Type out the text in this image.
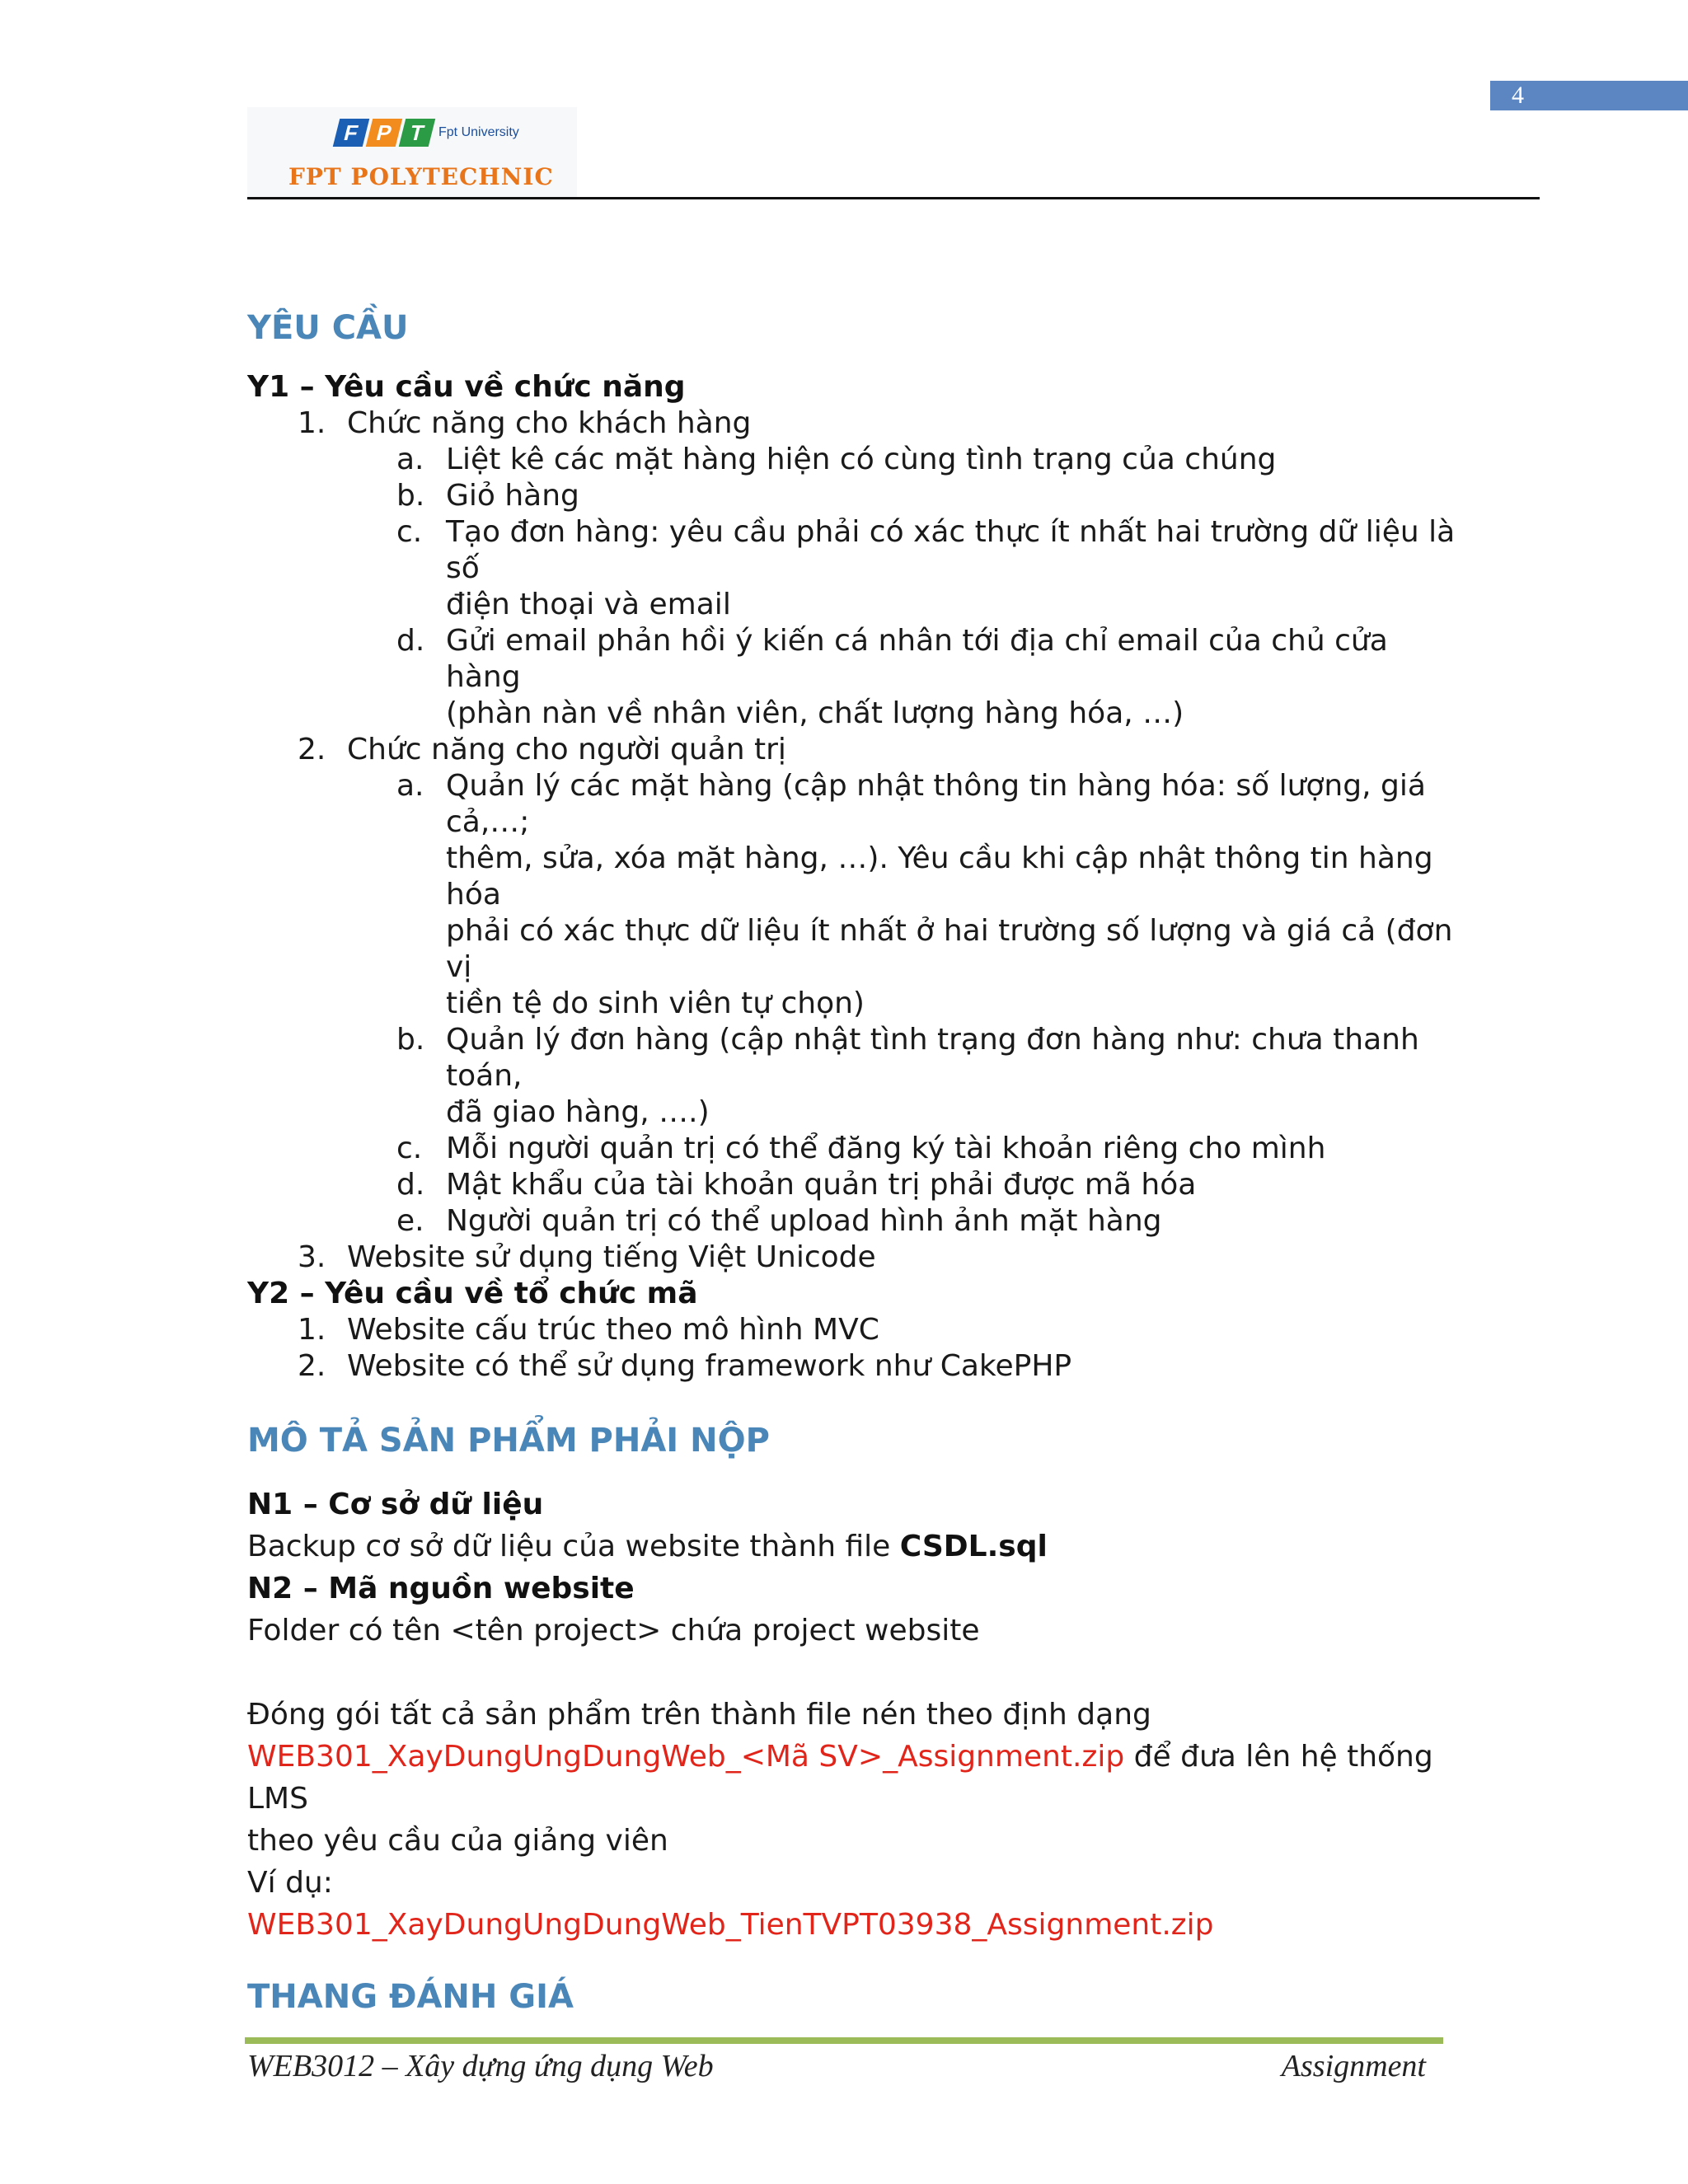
4
F P T Fpt University
FPT POLYTECHNIC
YÊU CẦU
Y1 – Yêu cầu về chức năng
1. Chức năng cho khách hàng
a. Liệt kê các mặt hàng hiện có cùng tình trạng của chúng
b. Giỏ hàng
c. Tạo đơn hàng: yêu cầu phải có xác thực ít nhất hai trường dữ liệu là số
điện thoại và email
d. Gửi email phản hồi ý kiến cá nhân tới địa chỉ email của chủ cửa hàng
(phàn nàn về nhân viên, chất lượng hàng hóa, …)
2. Chức năng cho người quản trị
a. Quản lý các mặt hàng (cập nhật thông tin hàng hóa: số lượng, giá cả,…;
thêm, sửa, xóa mặt hàng, …). Yêu cầu khi cập nhật thông tin hàng hóa
phải có xác thực dữ liệu ít nhất ở hai trường số lượng và giá cả (đơn vị
tiền tệ do sinh viên tự chọn)
b. Quản lý đơn hàng (cập nhật tình trạng đơn hàng như: chưa thanh toán,
đã giao hàng, ….)
c. Mỗi người quản trị có thể đăng ký tài khoản riêng cho mình
d. Mật khẩu của tài khoản quản trị phải được mã hóa
e. Người quản trị có thể upload hình ảnh mặt hàng
3. Website sử dụng tiếng Việt Unicode
Y2 – Yêu cầu về tổ chức mã
1. Website cấu trúc theo mô hình MVC
2. Website có thể sử dụng framework như CakePHP
MÔ TẢ SẢN PHẨM PHẢI NỘP
N1 – Cơ sở dữ liệu
Backup cơ sở dữ liệu của website thành file CSDL.sql
N2 – Mã nguồn website
Folder có tên <tên project> chứa project website
Đóng gói tất cả sản phẩm trên thành file nén theo định dạng
WEB301_XayDungUngDungWeb_<Mã SV>_Assignment.zip để đưa lên hệ thống LMS
theo yêu cầu của giảng viên
Ví dụ:
WEB301_XayDungUngDungWeb_TienTVPT03938_Assignment.zip
THANG ĐÁNH GIÁ
WEB3012 – Xây dựng ứng dụng Web	Assignment
